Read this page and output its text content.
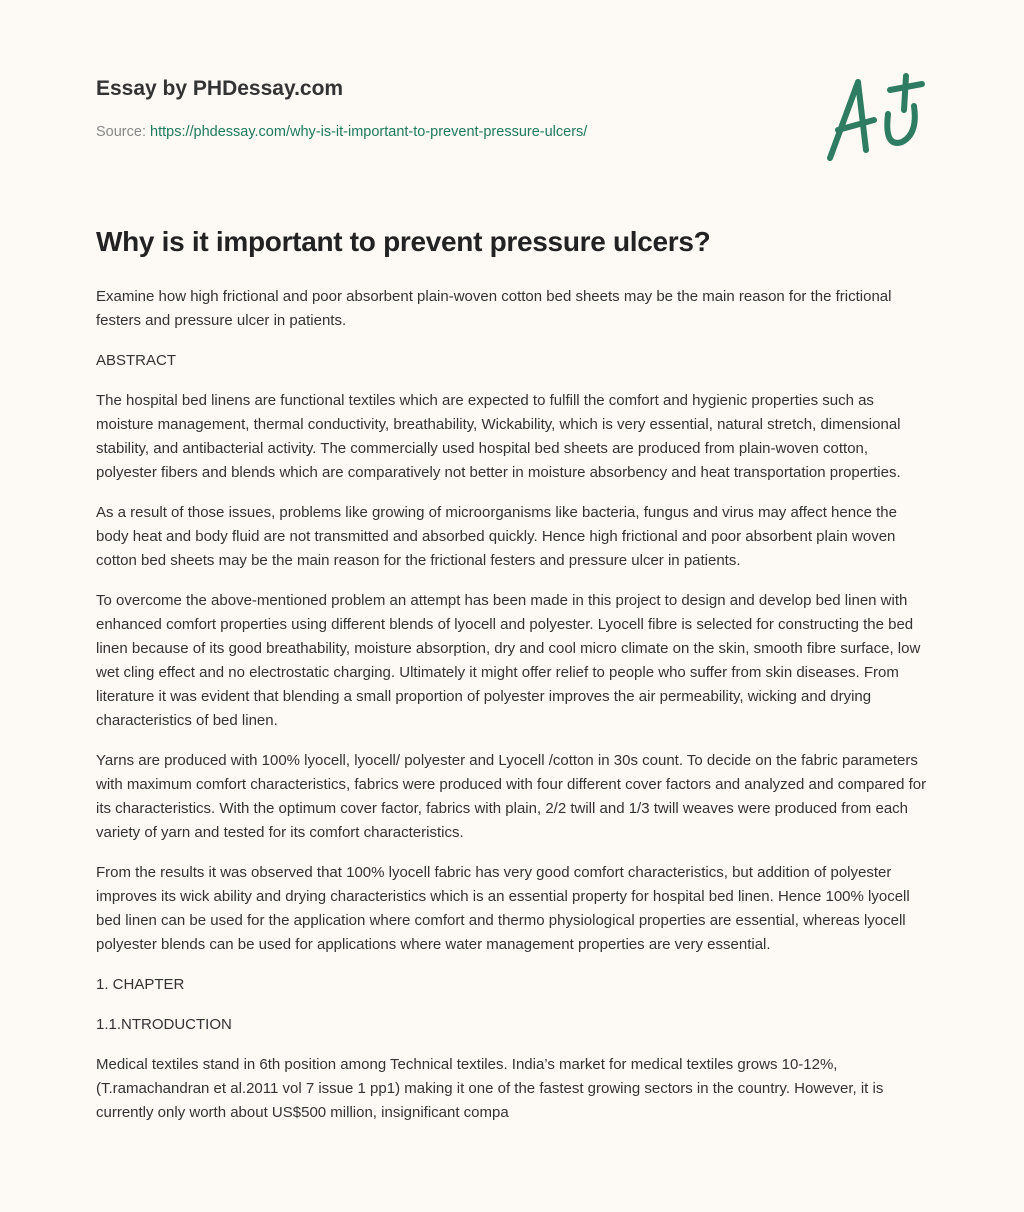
Essay by PHDessay.com
Source: https://phdessay.com/why-is-it-important-to-prevent-pressure-ulcers/
Why is it important to prevent pressure ulcers?

Examine how high frictional and poor absorbent plain-woven cotton bed sheets may be the main reason for the frictional festers and pressure ulcer in patients.

ABSTRACT

The hospital bed linens are functional textiles which are expected to fulfill the comfort and hygienic properties such as moisture management, thermal conductivity, breathability, Wickability, which is very essential, natural stretch, dimensional stability, and antibacterial activity. The commercially used hospital bed sheets are produced from plain-woven cotton, polyester fibers and blends which are comparatively not better in moisture absorbency and heat transportation properties.

As a result of those issues, problems like growing of microorganisms like bacteria, fungus and virus may affect hence the body heat and body fluid are not transmitted and absorbed quickly. Hence high frictional and poor absorbent plain woven cotton bed sheets may be the main reason for the frictional festers and pressure ulcer in patients.

To overcome the above-mentioned problem an attempt has been made in this project to design and develop bed linen with enhanced comfort properties using different blends of lyocell and polyester. Lyocell fibre is selected for constructing the bed linen because of its good breathability, moisture absorption, dry and cool micro climate on the skin, smooth fibre surface, low wet cling effect and no electrostatic charging. Ultimately it might offer relief to people who suffer from skin diseases. From literature it was evident that blending a small proportion of polyester improves the air permeability, wicking and drying characteristics of bed linen.

Yarns are produced with 100% lyocell, lyocell/ polyester and Lyocell /cotton in 30s count. To decide on the fabric parameters with maximum comfort characteristics, fabrics were produced with four different cover factors and analyzed and compared for its characteristics. With the optimum cover factor, fabrics with plain, 2/2 twill and 1/3 twill weaves were produced from each variety of yarn and tested for its comfort characteristics.

From the results it was observed that 100% lyocell fabric has very good comfort characteristics, but addition of polyester improves its wick ability and drying characteristics which is an essential property for hospital bed linen. Hence 100% lyocell bed linen can be used for the application where comfort and thermo physiological properties are essential, whereas lyocell polyester blends can be used for applications where water management properties are very essential.

1. CHAPTER

1.1.NTRODUCTION

Medical textiles stand in 6th position among Technical textiles. India’s market for medical textiles grows 10-12%, (T.ramachandran et al.2011 vol 7 issue 1 pp1) making it one of the fastest growing sectors in the country. However, it is currently only worth about US$500 million, insignificant compa
